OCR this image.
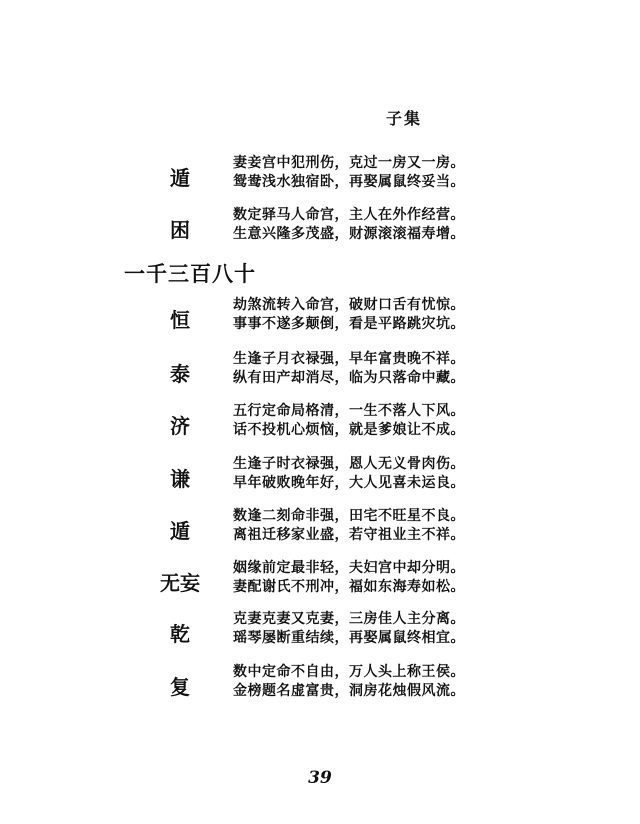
子集
遁
妻妾宫中犯刑伤，克过一房又一房。
鸳鸯浅水独宿卧，再娶属鼠终妥当。
困
数定驿马人命宫，主人在外作经营。
生意兴隆多茂盛，财源滚滚福寿增。
一千三百八十
恒
劫煞流转入命宫，破财口舌有忧惊。
事事不遂多颠倒，看是平路跳灾坑。
泰
生逢子月衣禄强，早年富贵晚不祥。
纵有田产却消尽，临为只落命中藏。
济
五行定命局格清，一生不落人下风。
话不投机心烦恼，就是爹娘让不成。
谦
生逢子时衣禄强，恩人无义骨肉伤。
早年破败晚年好，大人见喜未运良。
遁
数逢二刻命非强，田宅不旺星不良。
离祖迁移家业盛，若守祖业主不祥。
无妄
姻缘前定最非轻，夫妇宫中却分明。
妻配谢氏不刑冲，福如东海寿如松。
乾
克妻克妻又克妻，三房佳人主分离。
瑶琴屡断重结续，再娶属鼠终相宜。
复
数中定命不自由，万人头上称王侯。
金榜题名虚富贵，洞房花烛假风流。
39
